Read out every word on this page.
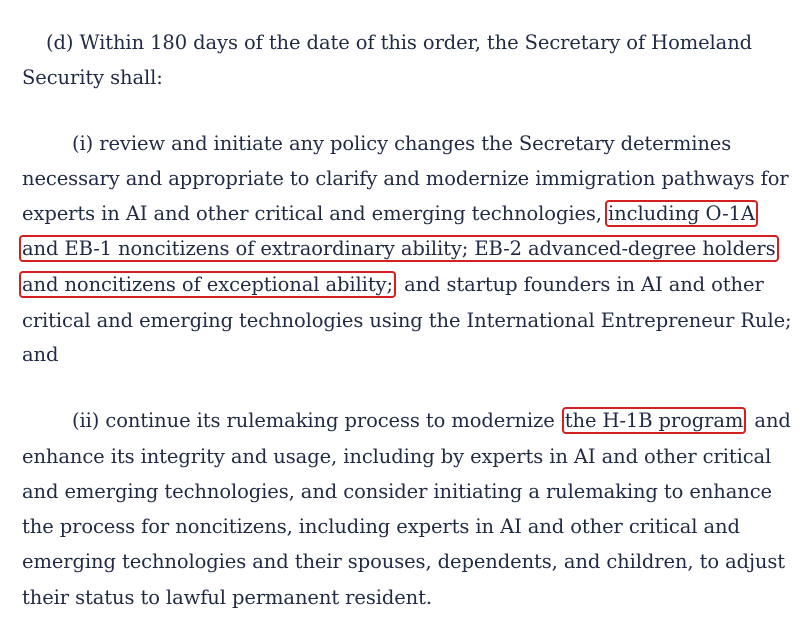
(d) Within 180 days of the date of this order, the Secretary of Homeland
Security shall:
(i) review and initiate any policy changes the Secretary determines
necessary and appropriate to clarify and modernize immigration pathways for
experts in AI and other critical and emerging technologies, including O-1A
and EB-1 noncitizens of extraordinary ability; EB-2 advanced-degree holders
and noncitizens of exceptional ability; and startup founders in AI and other
critical and emerging technologies using the International Entrepreneur Rule;
and
(ii) continue its rulemaking process to modernize the H-1B program and
enhance its integrity and usage, including by experts in AI and other critical
and emerging technologies, and consider initiating a rulemaking to enhance
the process for noncitizens, including experts in AI and other critical and
emerging technologies and their spouses, dependents, and children, to adjust
their status to lawful permanent resident.
